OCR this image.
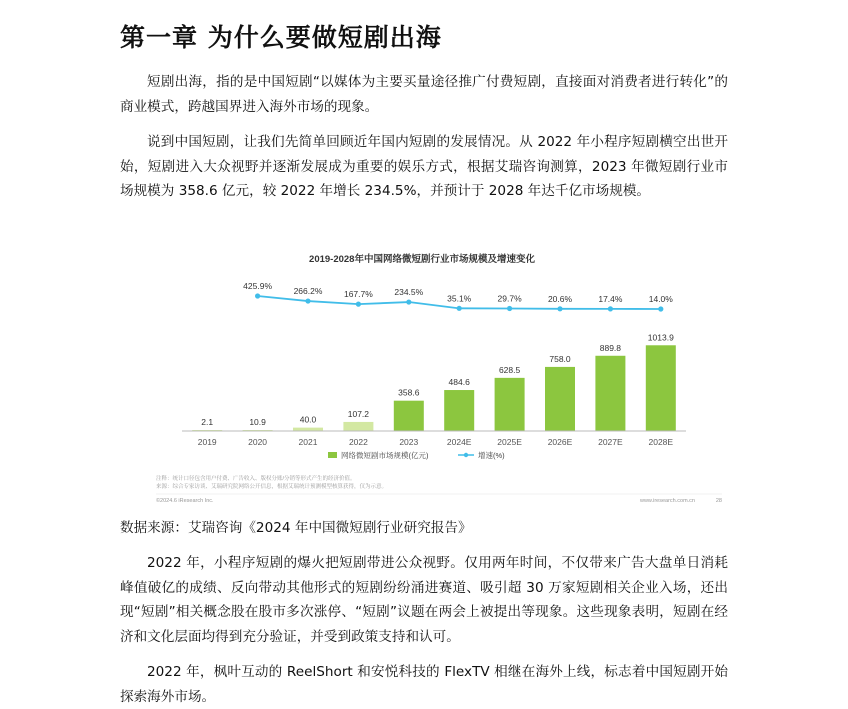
第一章 为什么要做短剧出海

短剧出海，指的是中国短剧“以媒体为主要买量途径推广付费短剧，直接面对消费者进行转化”的商业模式，跨越国界进入海外市场的现象。

说到中国短剧，让我们先简单回顾近年国内短剧的发展情况。从 2022 年小程序短剧横空出世开始，短剧进入大众视野并逐渐发展成为重要的娱乐方式，根据艾瑞咨询测算，2023 年微短剧行业市场规模为 358.6 亿元，较 2022 年增长 234.5%，并预计于 2028 年达千亿市场规模。

2019-2028年中国网络微短剧行业市场规模及增速变化
425.9%
266.2%	167.7%	234.5%
35.1%	29.7%	20.6%	17.4%	14.0%
2.1	10.9	40.0
107.2
358.6
484.6
628.5
758.0
889.8
1013.9
2019	2020	2021	2022	2023	2024E	2025E	2026E	2027E	2028E
网络微短剧市场规模(亿元)	增速(%)
注释：统计口径包含用户付费、广告收入、版权分账/分销等形式产生的经济价值。
来源：综合专家访谈、艾瑞研究院网络公开信息，根据艾瑞统计预测模型核算获得，仅为示意。
©2024.6 iResearch Inc.	www.iresearch.com.cn	28

数据来源：艾瑞咨询《2024 年中国微短剧行业研究报告》

2022 年，小程序短剧的爆火把短剧带进公众视野。仅用两年时间，不仅带来广告大盘单日消耗峰值破亿的成绩、反向带动其他形式的短剧纷纷涌进赛道、吸引超 30 万家短剧相关企业入场，还出现“短剧”相关概念股在股市多次涨停、“短剧”议题在两会上被提出等现象。这些现象表明，短剧在经济和文化层面均得到充分验证，并受到政策支持和认可。

2022 年，枫叶互动的 ReelShort 和安悦科技的 FlexTV 相继在海外上线，标志着中国短剧开始探索海外市场。
